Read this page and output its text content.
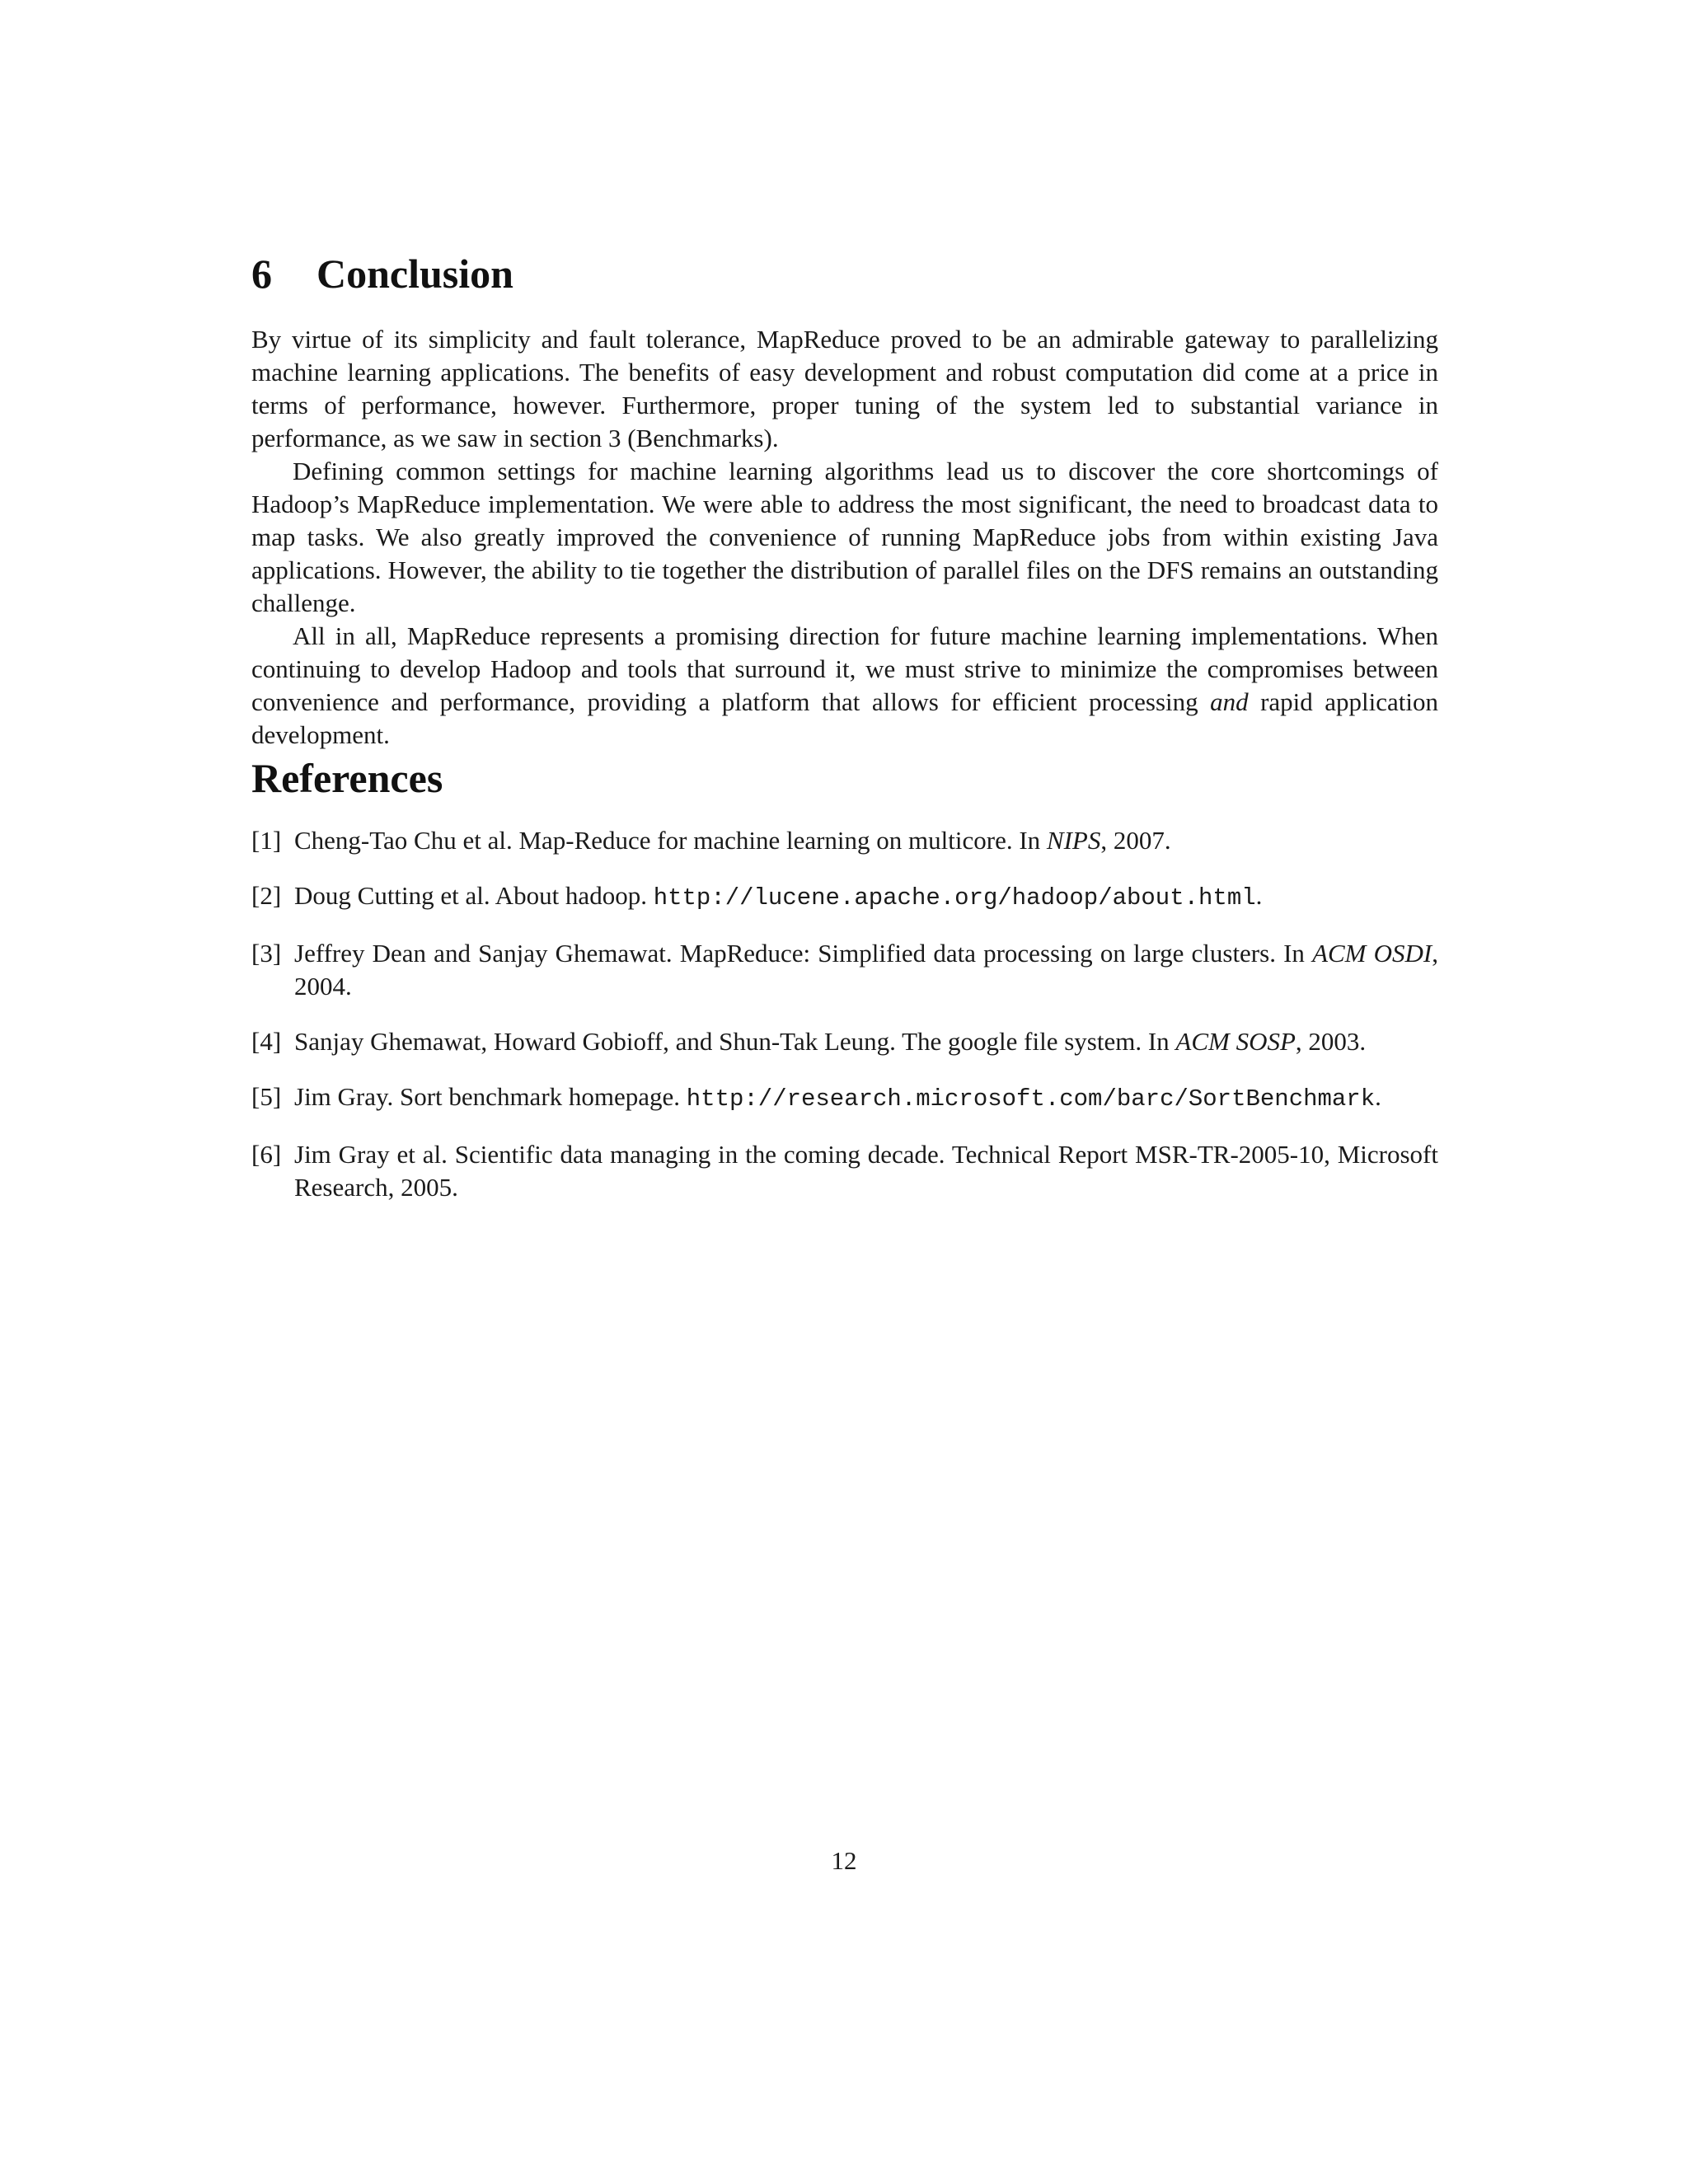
6 Conclusion

By virtue of its simplicity and fault tolerance, MapReduce proved to be an admirable gateway to parallelizing machine learning applications. The benefits of easy development and robust computation did come at a price in terms of performance, however. Furthermore, proper tuning of the system led to substantial variance in performance, as we saw in section 3 (Benchmarks).

Defining common settings for machine learning algorithms lead us to discover the core shortcomings of Hadoop’s MapReduce implementation. We were able to address the most significant, the need to broadcast data to map tasks. We also greatly improved the convenience of running MapReduce jobs from within existing Java applications. However, the ability to tie together the distribution of parallel files on the DFS remains an outstanding challenge.

All in all, MapReduce represents a promising direction for future machine learning implementations. When continuing to develop Hadoop and tools that surround it, we must strive to minimize the compromises between convenience and performance, providing a platform that allows for efficient processing and rapid application development.

References
[1] Cheng-Tao Chu et al. Map-Reduce for machine learning on multicore. In NIPS, 2007.
[2] Doug Cutting et al. About hadoop. http://lucene.apache.org/hadoop/about.html.
[3] Jeffrey Dean and Sanjay Ghemawat. MapReduce: Simplified data processing on large clusters. In ACM OSDI, 2004.
[4] Sanjay Ghemawat, Howard Gobioff, and Shun-Tak Leung. The google file system. In ACM SOSP, 2003.
[5] Jim Gray. Sort benchmark homepage. http://research.microsoft.com/barc/SortBenchmark.
[6] Jim Gray et al. Scientific data managing in the coming decade. Technical Report MSR-TR-2005-10, Microsoft Research, 2005.
12
